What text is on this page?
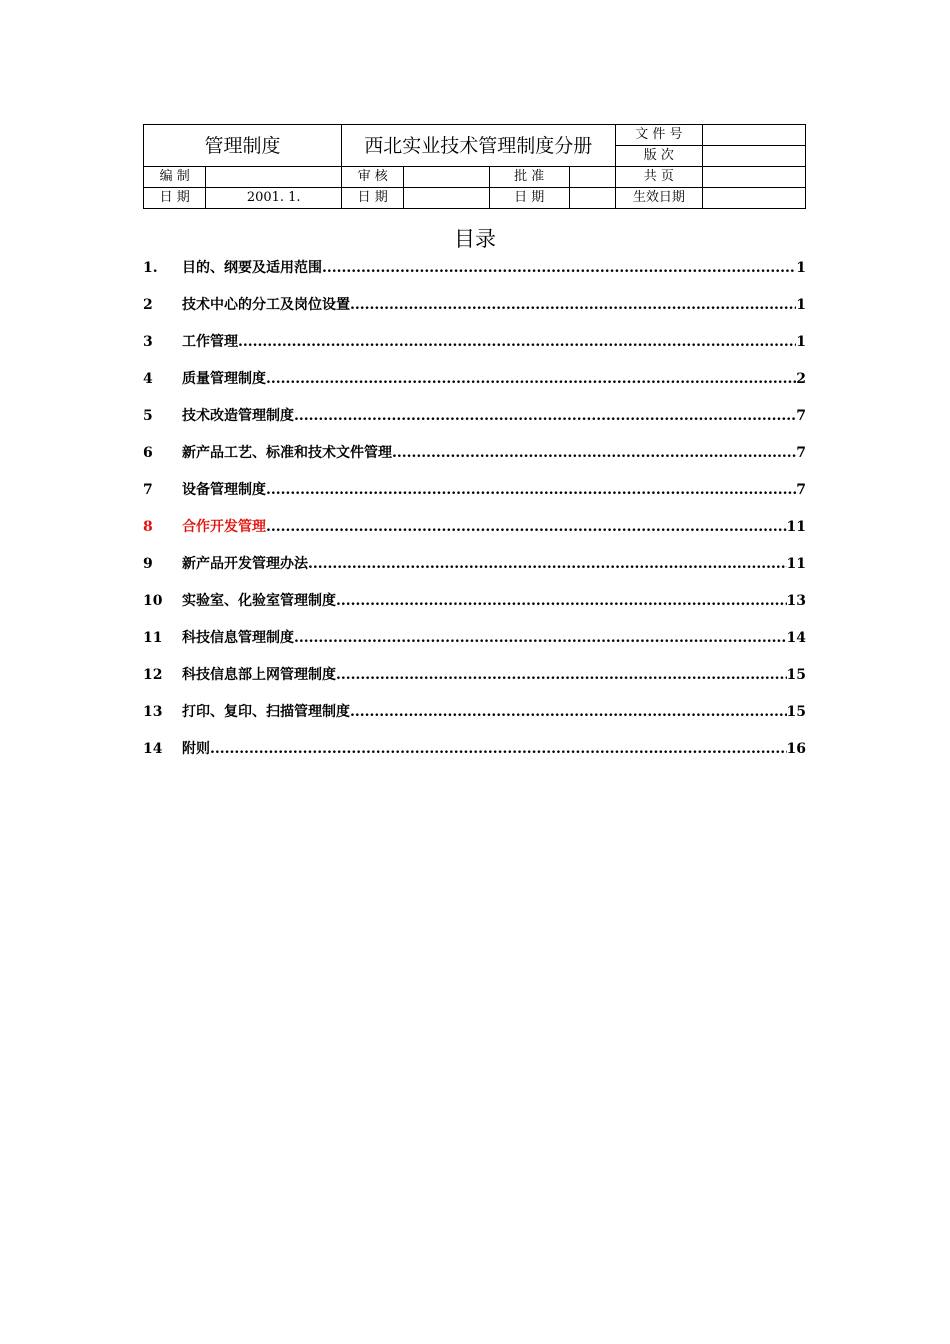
管理制度		西北实业技术管理制度分册			文 件 号	
					版 次	
编 制		审 核		批 准	共 页	
日 期	2001. 1.	日 期		日 期	生效日期	
目录
1.	目的、纲要及适用范围 .....	1
2	技术中心的分工及岗位设置 .....	1
3	工作管理 .....	1
4	质量管理制度 .....	2
5	技术改造管理制度 .....	7
6	新产品工艺、标准和技术文件管理 .....	7
7	设备管理制度 .....	7
8	合作开发管理 .....	11
9	新产品开发管理办法 .....	11
10	实验室、化验室管理制度 .....	13
11	科技信息管理制度 .....	14
12	科技信息部上网管理制度 .....	15
13	打印、复印、扫描管理制度 .....	15
14	附则 .....	16
